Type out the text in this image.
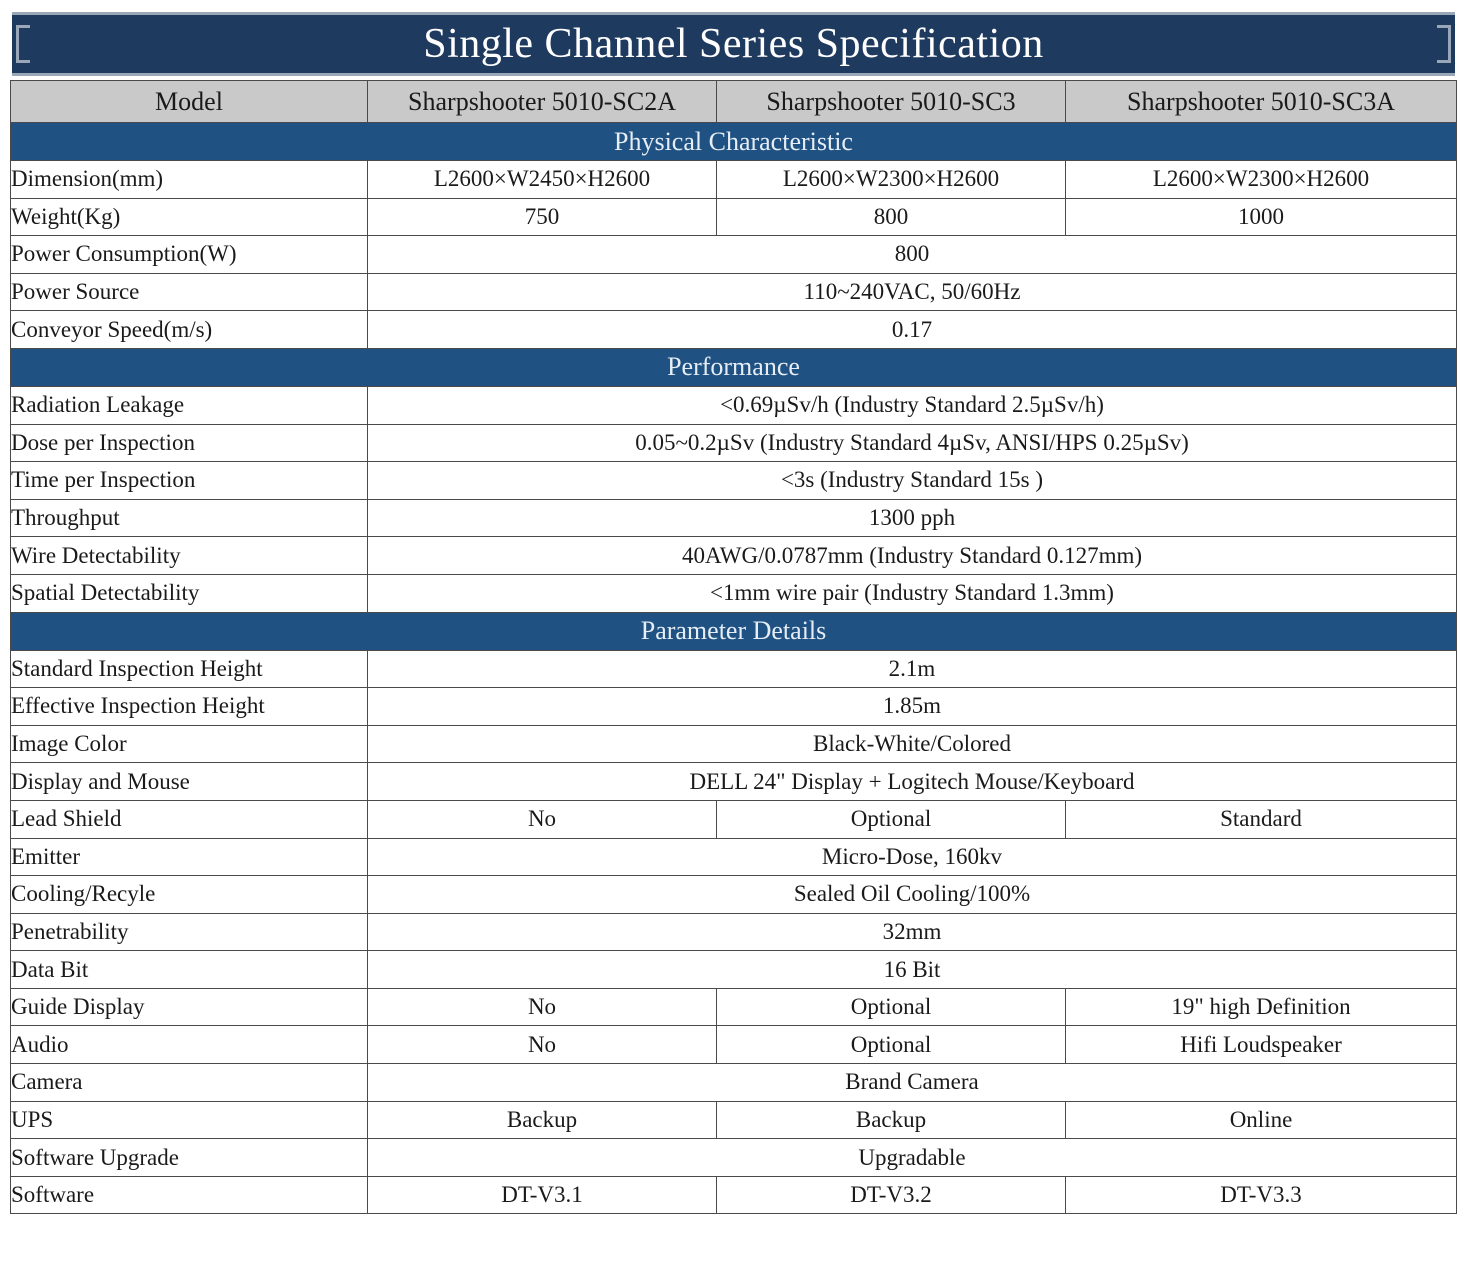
Single Channel Series Specification
Model	Sharpshooter 5010-SC2A	Sharpshooter 5010-SC3	Sharpshooter 5010-SC3A
Physical Characteristic			
Dimension(mm)	L2600×W2450×H2600	L2600×W2300×H2600	L2600×W2300×H2600
Weight(Kg)	750	800	1000
Power Consumption(W)	800		
Power Source	110~240VAC, 50/60Hz		
Conveyor Speed(m/s)	0.17		
Performance			
Radiation Leakage	<0.69µSv/h (Industry Standard 2.5µSv/h)		
Dose per Inspection	0.05~0.2µSv (Industry Standard 4µSv, ANSI/HPS 0.25µSv)		
Time per Inspection	<3s (Industry Standard 15s )		
Throughput	1300 pph		
Wire Detectability	40AWG/0.0787mm (Industry Standard 0.127mm)		
Spatial Detectability	<1mm wire pair (Industry Standard 1.3mm)		
Parameter Details			
Standard Inspection Height	2.1m		
Effective Inspection Height	1.85m		
Image Color	Black-White/Colored		
Display and Mouse	DELL 24" Display + Logitech Mouse/Keyboard		
Lead Shield	No	Optional	Standard
Emitter	Micro-Dose, 160kv		
Cooling/Recyle	Sealed Oil Cooling/100%		
Penetrability	32mm		
Data Bit	16 Bit		
Guide Display	No	Optional	19" high Definition
Audio	No	Optional	Hifi Loudspeaker
Camera	Brand Camera		
UPS	Backup	Backup	Online
Software Upgrade	Upgradable		
Software	DT-V3.1	DT-V3.2	DT-V3.3
